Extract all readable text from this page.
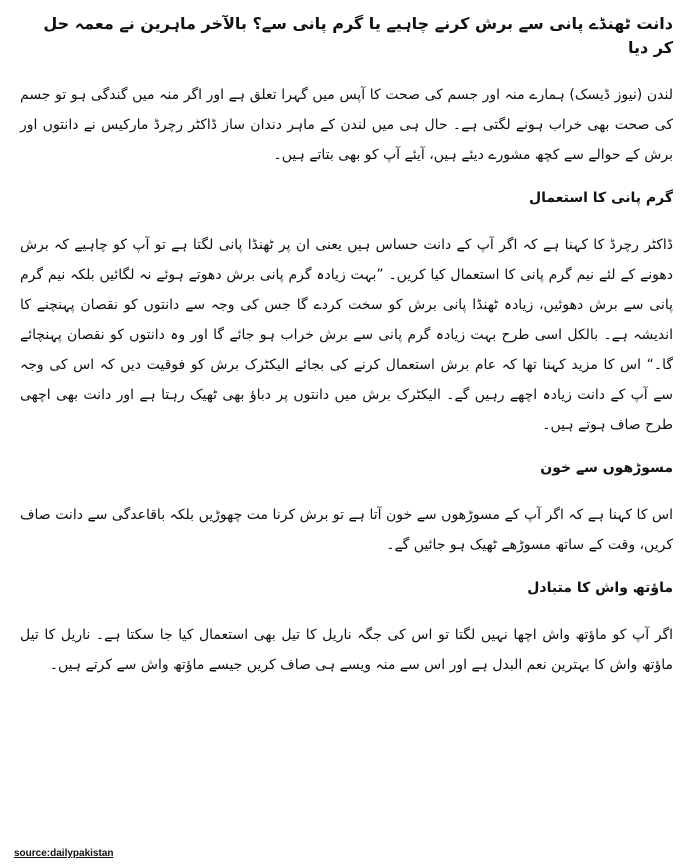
دانت ٹھنڈے پانی سے برش کرنے چاہیے یا گرم پانی سے؟ بالآخر ماہرین نے معمہ حل کر دیا

لندن (نیوز ڈیسک) ہمارے منہ اور جسم کی صحت کا آپس میں گہرا تعلق ہے اور اگر منہ میں گندگی ہو تو جسم کی صحت بھی خراب ہونے لگتی ہے۔ حال ہی میں لندن کے ماہر دندان ساز ڈاکٹر رچرڈ مارکیس نے دانتوں اور برش کے حوالے سے کچھ مشورے دیئے ہیں، آیئے آپ کو بھی بتاتے ہیں۔

گرم پانی کا استعمال

ڈاکٹر رچرڈ کا کہنا ہے کہ اگر آپ کے دانت حساس ہیں یعنی ان پر ٹھنڈا پانی لگتا ہے تو آپ کو چاہیے کہ برش دھونے کے لئے نیم گرم پانی کا استعمال کیا کریں۔ ”بہت زیادہ گرم پانی برش دھوتے ہوئے نہ لگائیں بلکہ نیم گرم پانی سے برش دھوئیں، زیادہ ٹھنڈا پانی برش کو سخت کردے گا جس کی وجہ سے دانتوں کو نقصان پہنچنے کا اندیشہ ہے۔ بالکل اسی طرح بہت زیادہ گرم پانی سے برش خراب ہو جائے گا اور وہ دانتوں کو نقصان پہنچائے گا۔“ اس کا مزید کہنا تھا کہ عام برش استعمال کرنے کی بجائے الیکٹرک برش کو فوقیت دیں کہ اس کی وجہ سے آپ کے دانت زیادہ اچھے رہیں گے۔ الیکٹرک برش میں دانتوں پر دباؤ بھی ٹھیک رہتا ہے اور دانت بھی اچھی طرح صاف ہوتے ہیں۔

مسوڑھوں سے خون

اس کا کہنا ہے کہ اگر آپ کے مسوڑھوں سے خون آتا ہے تو برش کرنا مت چھوڑیں بلکہ باقاعدگی سے دانت صاف کریں، وقت کے ساتھ مسوڑھے ٹھیک ہو جائیں گے۔

ماؤتھ واش کا متبادل

اگر آپ کو ماؤتھ واش اچھا نہیں لگتا تو اس کی جگہ ناریل کا تیل بھی استعمال کیا جا سکتا ہے۔ ناریل کا تیل ماؤتھ واش کا بہترین نعم البدل ہے اور اس سے منہ ویسے ہی صاف کریں جیسے ماؤتھ واش سے کرتے ہیں۔

source:dailypakistan
